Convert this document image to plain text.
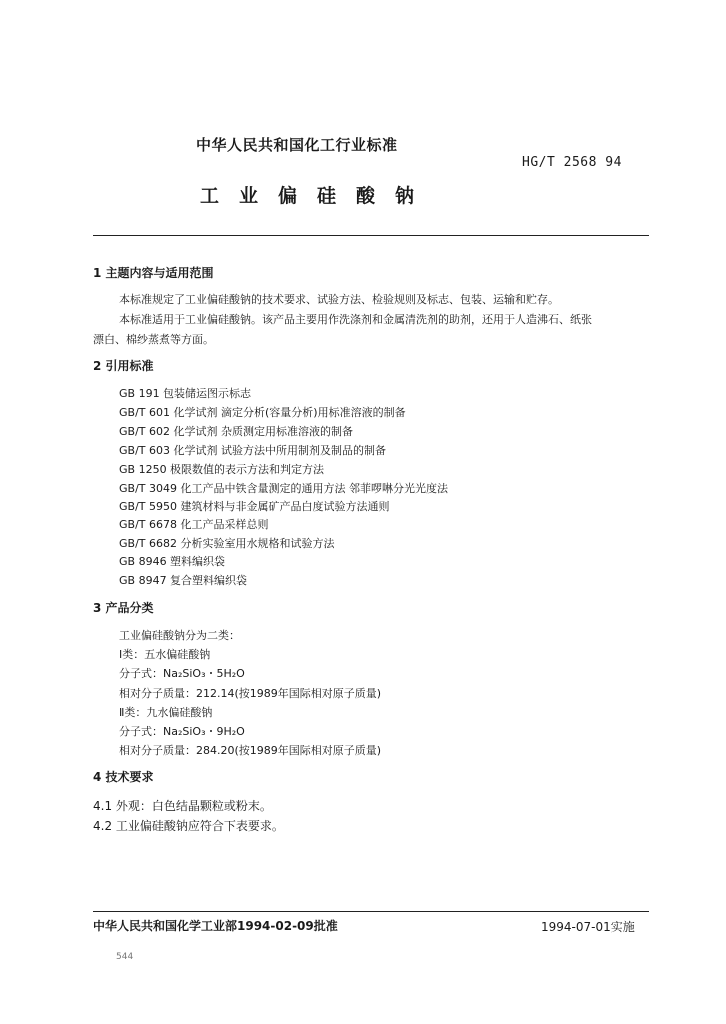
中华人民共和国化工行业标准
HG/T 2568 94
工业偏硅酸钠
1 主题内容与适用范围
本标准规定了工业偏硅酸钠的技术要求、试验方法、检验规则及标志、包装、运输和贮存。
本标准适用于工业偏硅酸钠。该产品主要用作洗涤剂和金属清洗剂的助剂，还用于人造沸石、纸张
漂白、棉纱蒸煮等方面。
2 引用标准
GB 191 包装储运图示标志
GB/T 601 化学试剂 滴定分析(容量分析)用标准溶液的制备
GB/T 602 化学试剂 杂质测定用标准溶液的制备
GB/T 603 化学试剂 试验方法中所用制剂及制品的制备
GB 1250 极限数值的表示方法和判定方法
GB/T 3049 化工产品中铁含量测定的通用方法 邻菲啰啉分光光度法
GB/T 5950 建筑材料与非金属矿产品白度试验方法通则
GB/T 6678 化工产品采样总则
GB/T 6682 分析实验室用水规格和试验方法
GB 8946 塑料编织袋
GB 8947 复合塑料编织袋
3 产品分类
工业偏硅酸钠分为二类：
Ⅰ类：五水偏硅酸钠
分子式：Na₂SiO₃・5H₂O
相对分子质量：212.14(按1989年国际相对原子质量)
Ⅱ类：九水偏硅酸钠
分子式：Na₂SiO₃・9H₂O
相对分子质量：284.20(按1989年国际相对原子质量)
4 技术要求
4.1 外观：白色结晶颗粒或粉末。
4.2 工业偏硅酸钠应符合下表要求。
中华人民共和国化学工业部1994-02-09批准	1994-07-01实施
544
